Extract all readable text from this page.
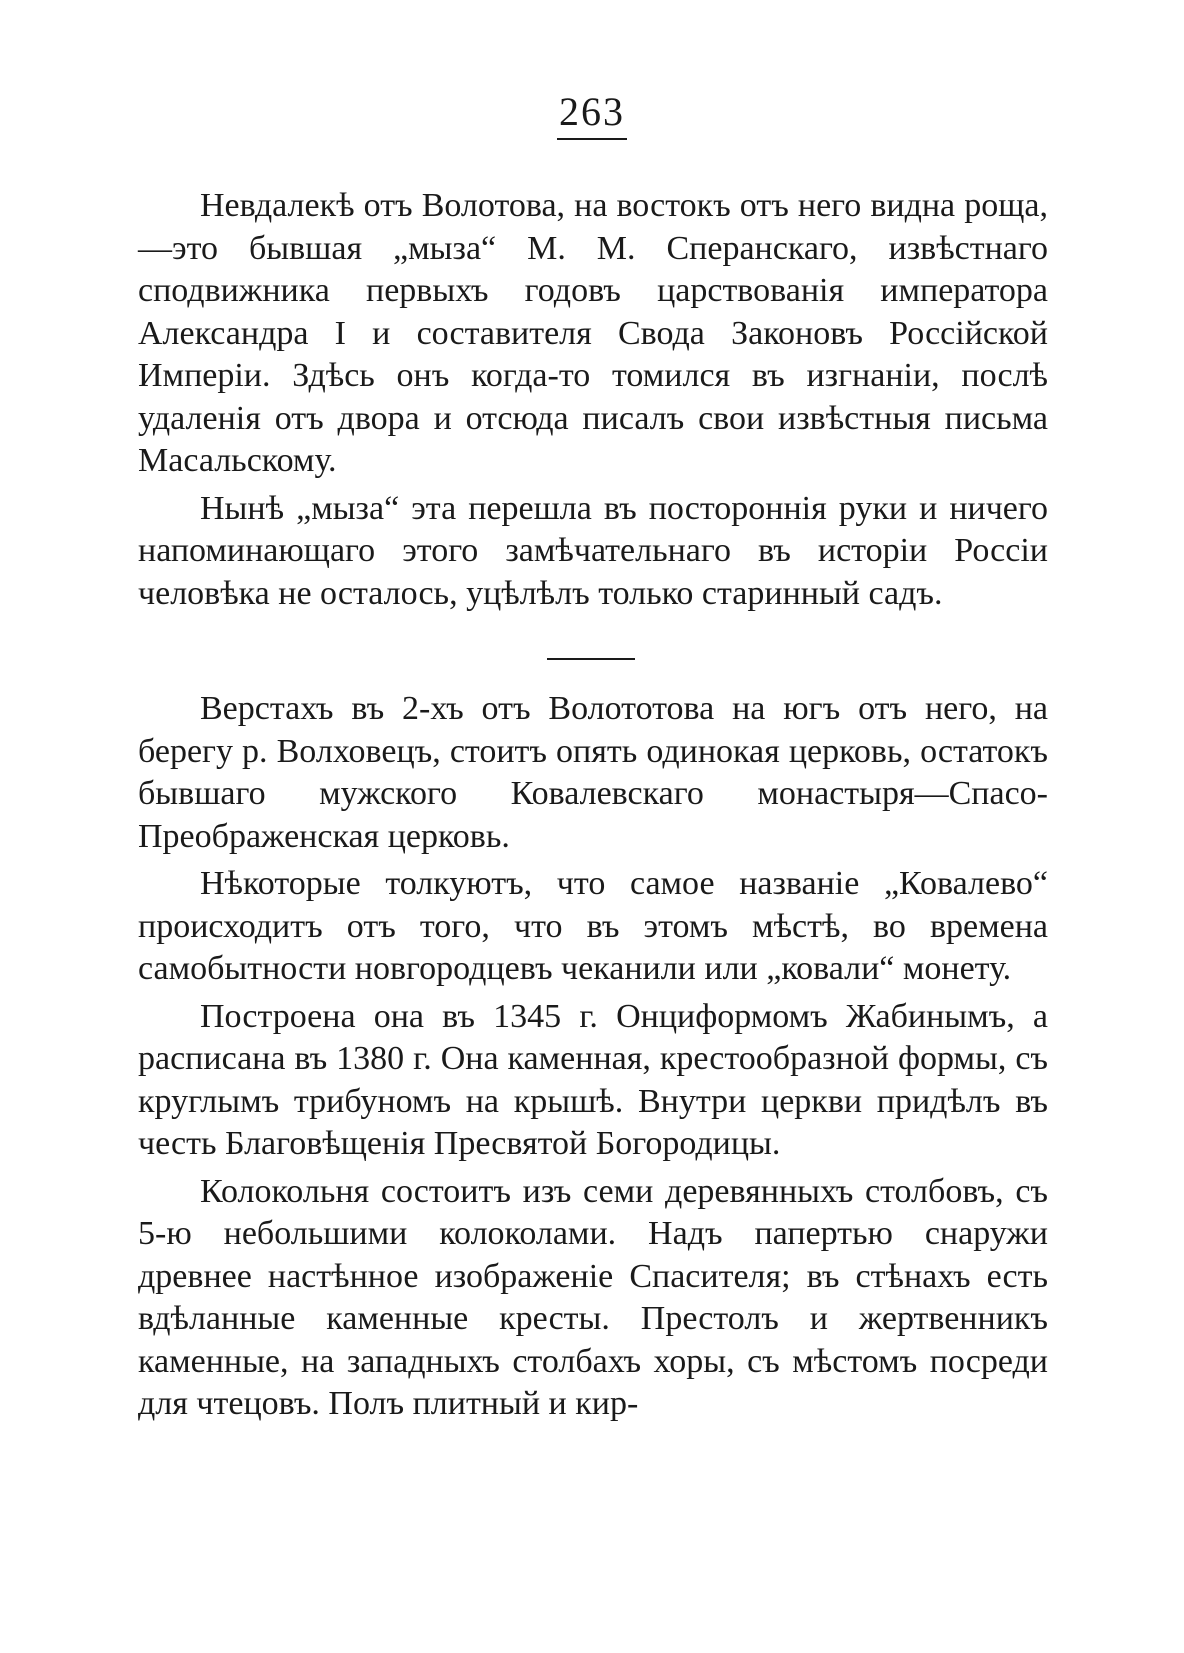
263

Невдалекѣ отъ Волотова, на востокъ отъ него видна роща,—это бывшая „мыза“ М. М. Сперанскаго, извѣстнаго сподвижника первыхъ годовъ царствованія императора Александра I и составителя Свода Законовъ Россійской Имперіи. Здѣсь онъ когда-то томился въ изгнаніи, послѣ удаленія отъ двора и отсюда писалъ свои извѣстныя письма Масальскому.

Нынѣ „мыза“ эта перешла въ постороннія руки и ничего напоминающаго этого замѣчательнаго въ исторіи Россіи человѣка не осталось, уцѣлѣлъ только старинный садъ.

Верстахъ въ 2-хъ отъ Волототова на югъ отъ него, на берегу р. Волховецъ, стоитъ опять одинокая церковь, остатокъ бывшаго мужского Ковалевскаго монастыря—Спасо-Преображенская церковь.

Нѣкоторые толкуютъ, что самое названіе „Ковалево“ происходитъ отъ того, что въ этомъ мѣстѣ, во времена самобытности новгородцевъ чеканили или „ковали“ монету.

Построена она въ 1345 г. Онциформомъ Жабинымъ, а расписана въ 1380 г. Она каменная, крестообразной формы, съ круглымъ трибуномъ на крышѣ. Внутри церкви придѣлъ въ честь Благовѣщенія Пресвятой Богородицы.

Колокольня состоитъ изъ семи деревянныхъ столбовъ, съ 5-ю небольшими колоколами. Надъ папертью снаружи древнее настѣнное изображеніе Спасителя; въ стѣнахъ есть вдѣланные каменные кресты. Престолъ и жертвенникъ каменные, на западныхъ столбахъ хоры, съ мѣстомъ посреди для чтецовъ. Полъ плитный и кир-
